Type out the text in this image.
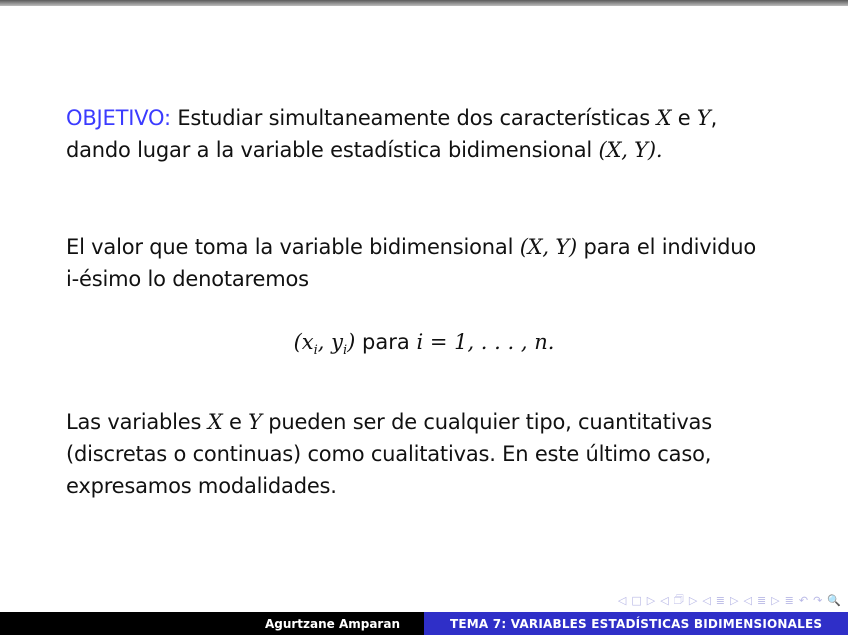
OBJETIVO: Estudiar simultaneamente dos características X e Y,

dando lugar a la variable estadística bidimensional (X, Y).

El valor que toma la variable bidimensional (X, Y) para el individuo

i-ésimo lo denotaremos

($x_i$, $y_i$) para i = 1, . . . , n.

Las variables X e Y pueden ser de cualquier tipo, cuantitativas

(discretas o continuas) como cualitativas. En este último caso,

expresamos modalidades.

◁ □ ▷ ◁ 🗇 ▷ ◁ ≣ ▷ ◁ ≣ ▷ ≣ ↶ ↷ 🔍
Agurtzane Amparan	TEMA 7: VARIABLES ESTADÍSTICAS BIDIMENSIONALES
